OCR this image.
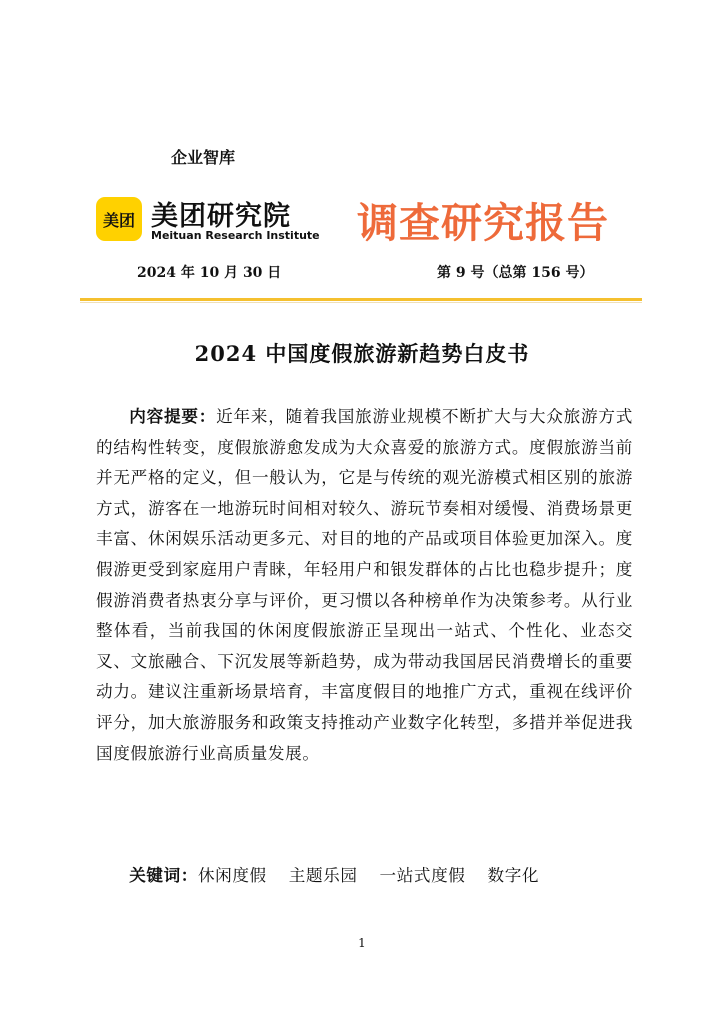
企业智库
美团 美团研究院
Meituan Research Institute 调查研究报告
2024 年 10 月 30 日	第 9 号（总第 156 号）
2024 中国度假旅游新趋势白皮书
内容提要：近年来，随着我国旅游业规模不断扩大与大众旅游方式的结构性转变，度假旅游愈发成为大众喜爱的旅游方式。度假旅游当前并无严格的定义，但一般认为，它是与传统的观光游模式相区别的旅游方式，游客在一地游玩时间相对较久、游玩节奏相对缓慢、消费场景更丰富、休闲娱乐活动更多元、对目的地的产品或项目体验更加深入。度假游更受到家庭用户青睐，年轻用户和银发群体的占比也稳步提升；度假游消费者热衷分享与评价，更习惯以各种榜单作为决策参考。从行业整体看，当前我国的休闲度假旅游正呈现出一站式、个性化、业态交叉、文旅融合、下沉发展等新趋势，成为带动我国居民消费增长的重要动力。建议注重新场景培育，丰富度假目的地推广方式，重视在线评价评分，加大旅游服务和政策支持推动产业数字化转型，多措并举促进我国度假旅游行业高质量发展。
关键词：休闲度假 主题乐园 一站式度假 数字化
1
